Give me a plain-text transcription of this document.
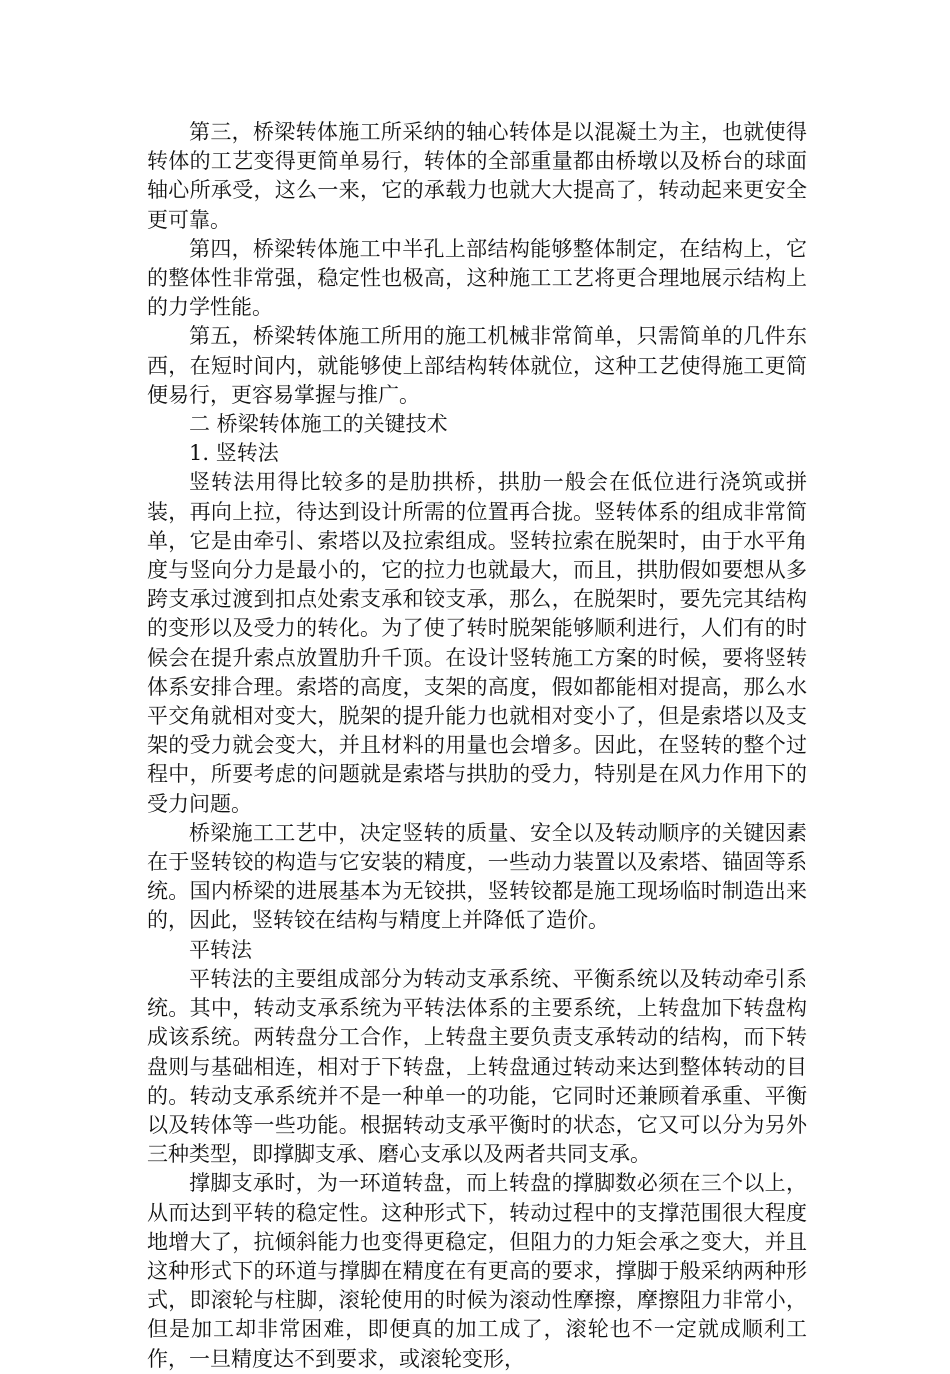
第三，桥梁转体施工所采纳的轴心转体是以混凝土为主，也就使得转体的工艺变得更简单易行，转体的全部重量都由桥墩以及桥台的球面轴心所承受，这么一来，它的承载力也就大大提高了，转动起来更安全更可靠。

第四，桥梁转体施工中半孔上部结构能够整体制定，在结构上，它的整体性非常强，稳定性也极高，这种施工工艺将更合理地展示结构上的力学性能。

第五，桥梁转体施工所用的施工机械非常简单，只需简单的几件东西，在短时间内，就能够使上部结构转体就位，这种工艺使得施工更简便易行，更容易掌握与推广。

二 桥梁转体施工的关键技术

1. 竖转法

竖转法用得比较多的是肋拱桥，拱肋一般会在低位进行浇筑或拼装，再向上拉，待达到设计所需的位置再合拢。竖转体系的组成非常简单，它是由牵引、索塔以及拉索组成。竖转拉索在脱架时，由于水平角度与竖向分力是最小的，它的拉力也就最大，而且，拱肋假如要想从多跨支承过渡到扣点处索支承和铰支承，那么，在脱架时，要先完其结构的变形以及受力的转化。为了使了转时脱架能够顺利进行，人们有的时候会在提升索点放置肋升千顶。在设计竖转施工方案的时候，要将竖转体系安排合理。索塔的高度，支架的高度，假如都能相对提高，那么水平交角就相对变大，脱架的提升能力也就相对变小了，但是索塔以及支架的受力就会变大，并且材料的用量也会增多。因此，在竖转的整个过程中，所要考虑的问题就是索塔与拱肋的受力，特别是在风力作用下的受力问题。

桥梁施工工艺中，决定竖转的质量、安全以及转动顺序的关键因素在于竖转铰的构造与它安装的精度，一些动力装置以及索塔、锚固等系统。国内桥梁的进展基本为无铰拱，竖转铰都是施工现场临时制造出来的，因此，竖转铰在结构与精度上并降低了造价。

平转法

平转法的主要组成部分为转动支承系统、平衡系统以及转动牵引系统。其中，转动支承系统为平转法体系的主要系统，上转盘加下转盘构成该系统。两转盘分工合作，上转盘主要负责支承转动的结构，而下转盘则与基础相连，相对于下转盘，上转盘通过转动来达到整体转动的目的。转动支承系统并不是一种单一的功能，它同时还兼顾着承重、平衡以及转体等一些功能。根据转动支承平衡时的状态，它又可以分为另外三种类型，即撑脚支承、磨心支承以及两者共同支承。

撑脚支承时，为一环道转盘，而上转盘的撑脚数必须在三个以上，从而达到平转的稳定性。这种形式下，转动过程中的支撑范围很大程度地增大了，抗倾斜能力也变得更稳定，但阻力的力矩会承之变大，并且这种形式下的环道与撑脚在精度在有更高的要求，撑脚于般采纳两种形式，即滚轮与柱脚，滚轮使用的时候为滚动性摩擦，摩擦阻力非常小，但是加工却非常困难，即便真的加工成了，滚轮也不一定就成顺利工作，一旦精度达不到要求，或滚轮变形，
